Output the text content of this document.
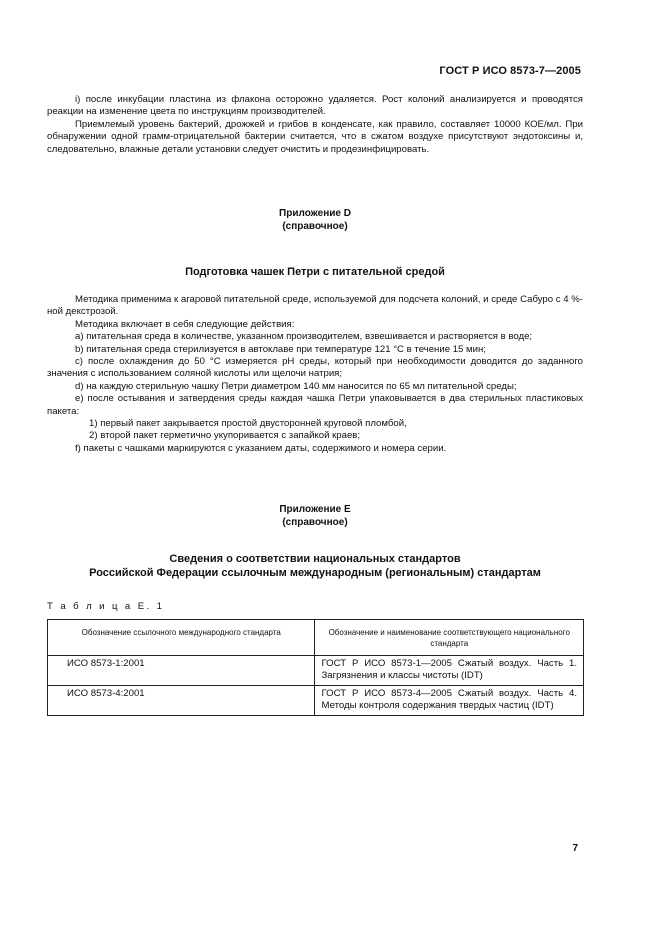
ГОСТ Р ИСО 8573-7—2005

i) после инкубации пластина из флакона осторожно удаляется. Рост колоний анализируется и проводятся реакции на изменение цвета по инструкциям производителей.

Приемлемый уровень бактерий, дрожжей и грибов в конденсате, как правило, составляет 10000 КОЕ/мл. При обнаружении одной грамм-отрицательной бактерии считается, что в сжатом воздухе присутствуют эндотоксины и, следовательно, влажные детали установки следует очистить и продезинфицировать.

Приложение D
(справочное)
Подготовка чашек Петри с питательной средой

Методика применима к агаровой питательной среде, используемой для подсчета колоний, и среде Сабуро с 4 %-ной декстрозой.

Методика включает в себя следующие действия:

а) питательная среда в количестве, указанном производителем, взвешивается и растворяется в воде;

b) питательная среда стерилизуется в автоклаве при температуре 121 °С в течение 15 мин;

с) после охлаждения до 50 °С измеряется pH среды, который при необходимости доводится до заданного значения с использованием соляной кислоты или щелочи натрия;

d) на каждую стерильную чашку Петри диаметром 140 мм наносится по 65 мл питательной среды;

е) после остывания и затвердения среды каждая чашка Петри упаковывается в два стерильных пластиковых пакета:

1) первый пакет закрывается простой двусторонней круговой пломбой,

2) второй пакет герметично укупоривается с запайкой краев;

f) пакеты с чашками маркируются с указанием даты, содержимого и номера серии.

Приложение Е
(справочное)
Сведения о соответствии национальных стандартов
Российской Федерации ссылочным международным (региональным) стандартам
Т а б л и ц а Е. 1
Обозначение ссылочного международного стандарта	Обозначение и наименование соответствующего национального стандарта
ИСО 8573-1:2001	ГОСТ Р ИСО 8573-1—2005 Сжатый воздух. Часть 1. Загрязнения и классы чистоты (IDT)
ИСО 8573-4:2001	ГОСТ Р ИСО 8573-4—2005 Сжатый воздух. Часть 4. Методы контроля содержания твердых частиц (IDT)
7
